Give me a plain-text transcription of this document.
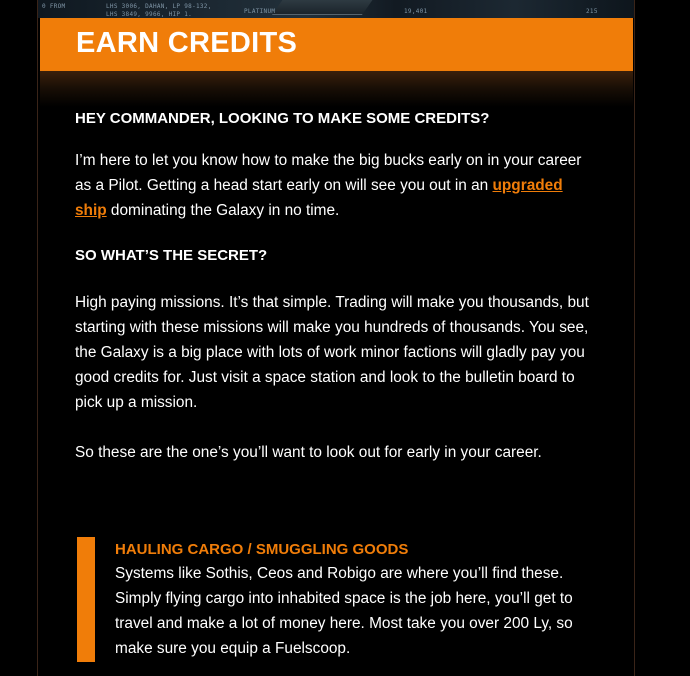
0 FROM	LHS 3006, DAHAN, LP 98-132,
LHS 3849, 9966, HIP 1.	PLATINUM	19,401	215
EARN CREDITS

HEY COMMANDER, LOOKING TO MAKE SOME CREDITS?

I’m here to let you know how to make the big bucks early on in your career as a Pilot. Getting a head start early on will see you out in an upgraded ship dominating the Galaxy in no time.

SO WHAT’S THE SECRET?

High paying missions. It’s that simple. Trading will make you thousands, but starting with these missions will make you hundreds of thousands. You see, the Galaxy is a big place with lots of work minor factions will gladly pay you good credits for. Just visit a space station and look to the bulletin board to pick up a mission.

So these are the one’s you’ll want to look out for early in your career.

HAULING CARGO / SMUGGLING GOODS

Systems like Sothis, Ceos and Robigo are where you’ll find these. Simply flying cargo into inhabited space is the job here, you’ll get to travel and make a lot of money here. Most take you over 200 Ly, so make sure you equip a Fuelscoop.
